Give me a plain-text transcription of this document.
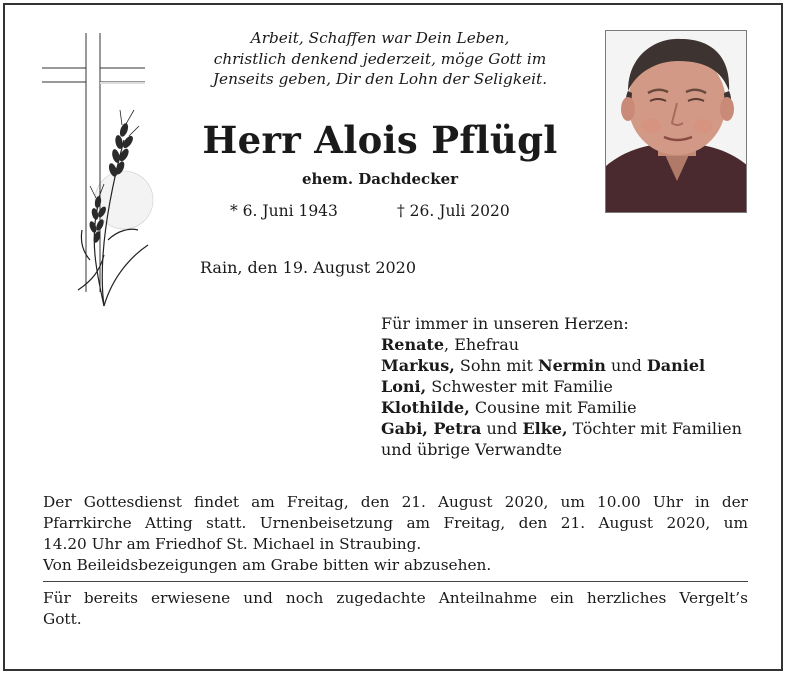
Arbeit, Schaffen war Dein Leben,
christlich denkend jederzeit, möge Gott im
Jenseits geben, Dir den Lohn der Seligkeit.
Herr Alois Pflügl
ehem. Dachdecker
* 6. Juni 1943	† 26. Juli 2020
Rain, den 19. August 2020
Für immer in unseren Herzen:
Renate, Ehefrau
Markus, Sohn mit Nermin und Daniel
Loni, Schwester mit Familie
Klothilde, Cousine mit Familie
Gabi, Petra und Elke, Töchter mit Familien
und übrige Verwandte
Der Gottesdienst findet am Freitag, den 21. August 2020, um 10.00 Uhr in der
Pfarrkirche Atting statt. Urnenbeisetzung am Freitag, den 21. August 2020, um
14.20 Uhr am Friedhof St. Michael in Straubing.
Von Beileidsbezeigungen am Grabe bitten wir abzusehen.
Für bereits erwiesene und noch zugedachte Anteilnahme ein herzliches Vergelt’s
Gott.
